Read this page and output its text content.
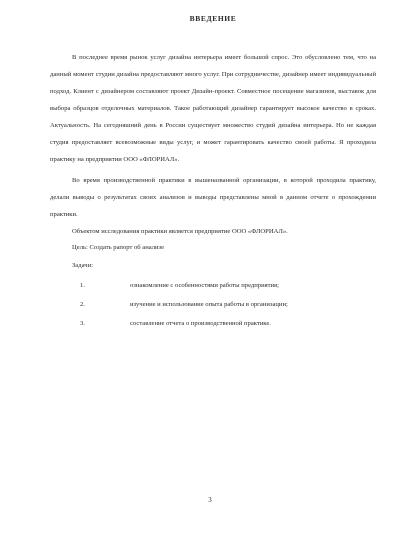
ВВЕДЕНИЕ

В последнее время рынок услуг дизайна интерьера имеет большой спрос. Это обусловлено тем, что на данный момент студии дизайна предоставляют много услуг. При сотрудничестве, дизайнер имеет индивидуальный подход. Клиент с дизайнером составляют проект Дизайн-проект. Совместное посещение магазинов, выставок для выбора образцов отделочных материалов. Такое работающий дизайнер гарантирует высокое качество в сроках. Актуальность. На сегодняшний день в России существует множество студий дизайна интерьера. Но не каждая студия предоставляет всевозможные виды услуг, и может гарантировать качество своей работы. Я проходила практику на предприятии ООО «ФЛОРИАЛ».

Во время производственной практики в вышеназванной организации, в которой проходила практику, делали выводы о результатах своих анализов и выводы представлены мной в данном отчете о прохождении практики.

Объектом исследования практики является предприятие ООО «ФЛОРИАЛ».

Цель: Создать рапорт об анализе

Задачи:

1.	ознакомление с особенностями работы предприятия;
2.	изучение и использование опыта работы в организации;
3.	составление отчета о производственной практике.
3
